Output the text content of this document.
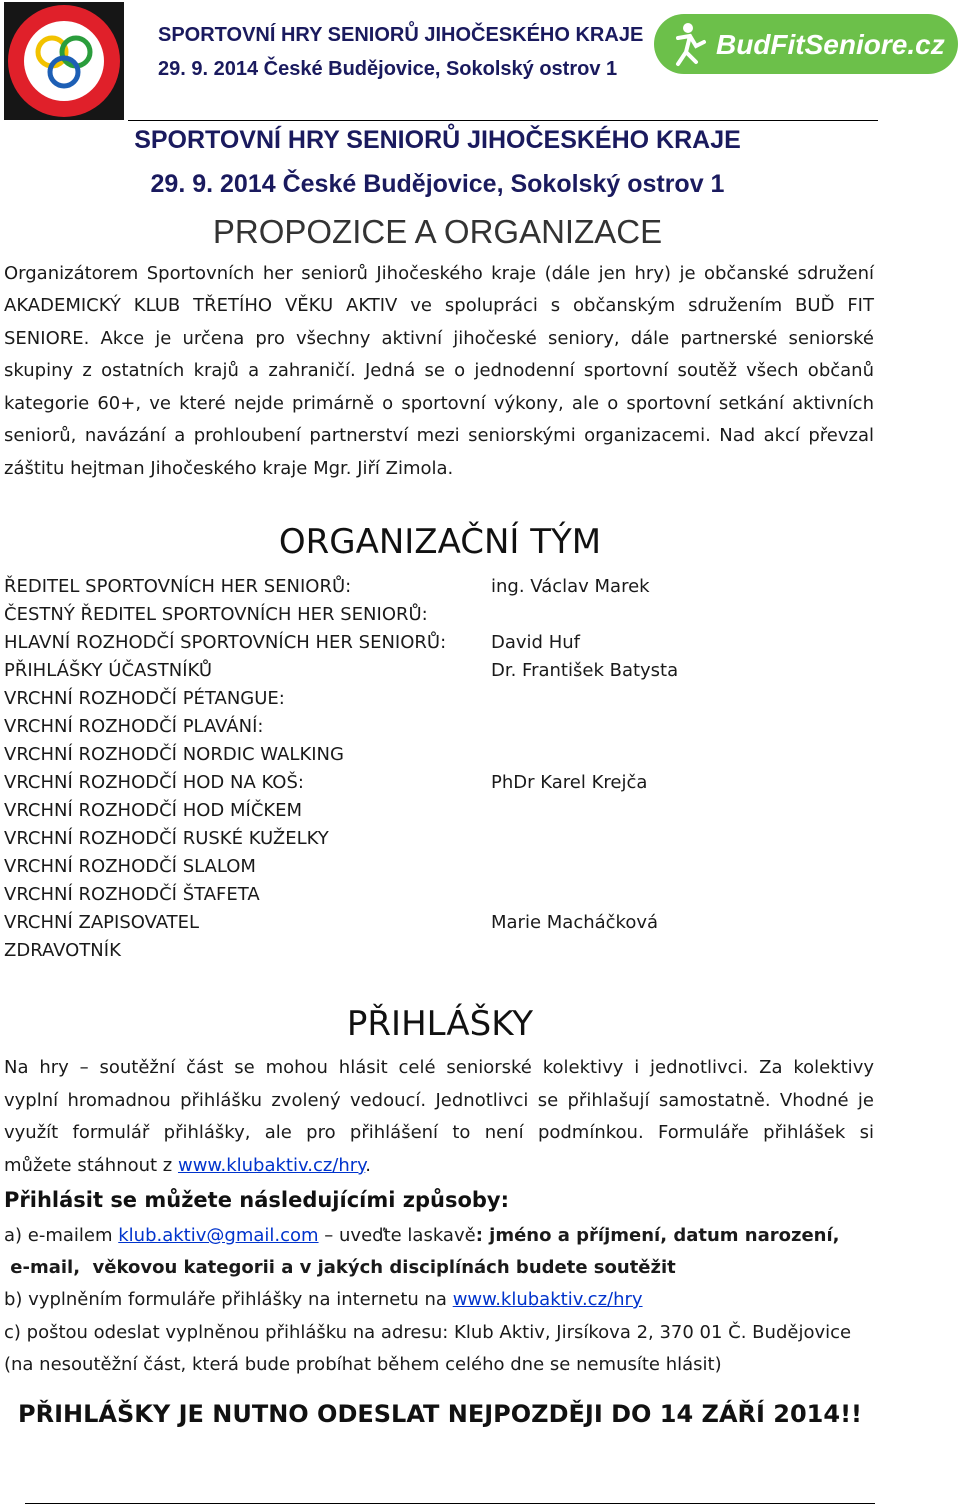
SPORTOVNÍ HRY SENIORŮ JIHOČESKÉHO KRAJE
29. 9. 2014 České Budějovice, Sokolský ostrov 1
BudFitSeniore.cz
SPORTOVNÍ HRY SENIORŮ JIHOČESKÉHO KRAJE
29. 9. 2014 České Budějovice, Sokolský ostrov 1
PROPOZICE A ORGANIZACE
Organizátorem Sportovních her seniorů Jihočeského kraje (dále jen hry) je občanské sdružení
AKADEMICKÝ KLUB TŘETÍHO VĚKU AKTIV ve spolupráci s občanským sdružením BUĎ FIT
SENIORE. Akce je určena pro všechny aktivní jihočeské seniory, dále partnerské seniorské
skupiny z ostatních krajů a zahraničí. Jedná se o jednodenní sportovní soutěž všech občanů
kategorie 60+, ve které nejde primárně o sportovní výkony, ale o sportovní setkání aktivních
seniorů, navázání a prohloubení partnerství mezi seniorskými organizacemi. Nad akcí převzal
záštitu hejtman Jihočeského kraje Mgr. Jiří Zimola.
ORGANIZAČNÍ TÝM
ŘEDITEL SPORTOVNÍCH HER SENIORŮ:
ČESTNÝ ŘEDITEL SPORTOVNÍCH HER SENIORŮ:
HLAVNÍ ROZHODČÍ SPORTOVNÍCH HER SENIORŮ:
PŘIHLÁŠKY ÚČASTNÍKŮ
VRCHNÍ ROZHODČÍ PÉTANGUE:
VRCHNÍ ROZHODČÍ PLAVÁNÍ:
VRCHNÍ ROZHODČÍ NORDIC WALKING
VRCHNÍ ROZHODČÍ HOD NA KOŠ:
VRCHNÍ ROZHODČÍ HOD MÍČKEM
VRCHNÍ ROZHODČÍ RUSKÉ KUŽELKY
VRCHNÍ ROZHODČÍ SLALOM
VRCHNÍ ROZHODČÍ ŠTAFETA
VRCHNÍ ZAPISOVATEL
ZDRAVOTNÍK
ing. Václav Marek
David Huf
Dr. František Batysta
PhDr Karel Krejča
Marie Macháčková
PŘIHLÁŠKY
Na hry – soutěžní část se mohou hlásit celé seniorské kolektivy i jednotlivci. Za kolektivy
vyplní hromadnou přihlášku zvolený vedoucí. Jednotlivci se přihlašují samostatně. Vhodné je
využít formulář přihlášky, ale pro přihlášení to není podmínkou. Formuláře přihlášek si
můžete stáhnout z www.klubaktiv.cz/hry.
Přihlásit se můžete následujícími způsoby:
a) e-mailem klub.aktiv@gmail.com – uveďte laskavě: jméno a příjmení, datum narození,
e-mail,  věkovou kategorii a v jakých disciplínách budete soutěžit
b) vyplněním formuláře přihlášky na internetu na www.klubaktiv.cz/hry
c) poštou odeslat vyplněnou přihlášku na adresu: Klub Aktiv, Jirsíkova 2, 370 01 Č. Budějovice
(na nesoutěžní část, která bude probíhat během celého dne se nemusíte hlásit)
PŘIHLÁŠKY JE NUTNO ODESLAT NEJPOZDĚJI DO 14 ZÁŘÍ 2014!!
